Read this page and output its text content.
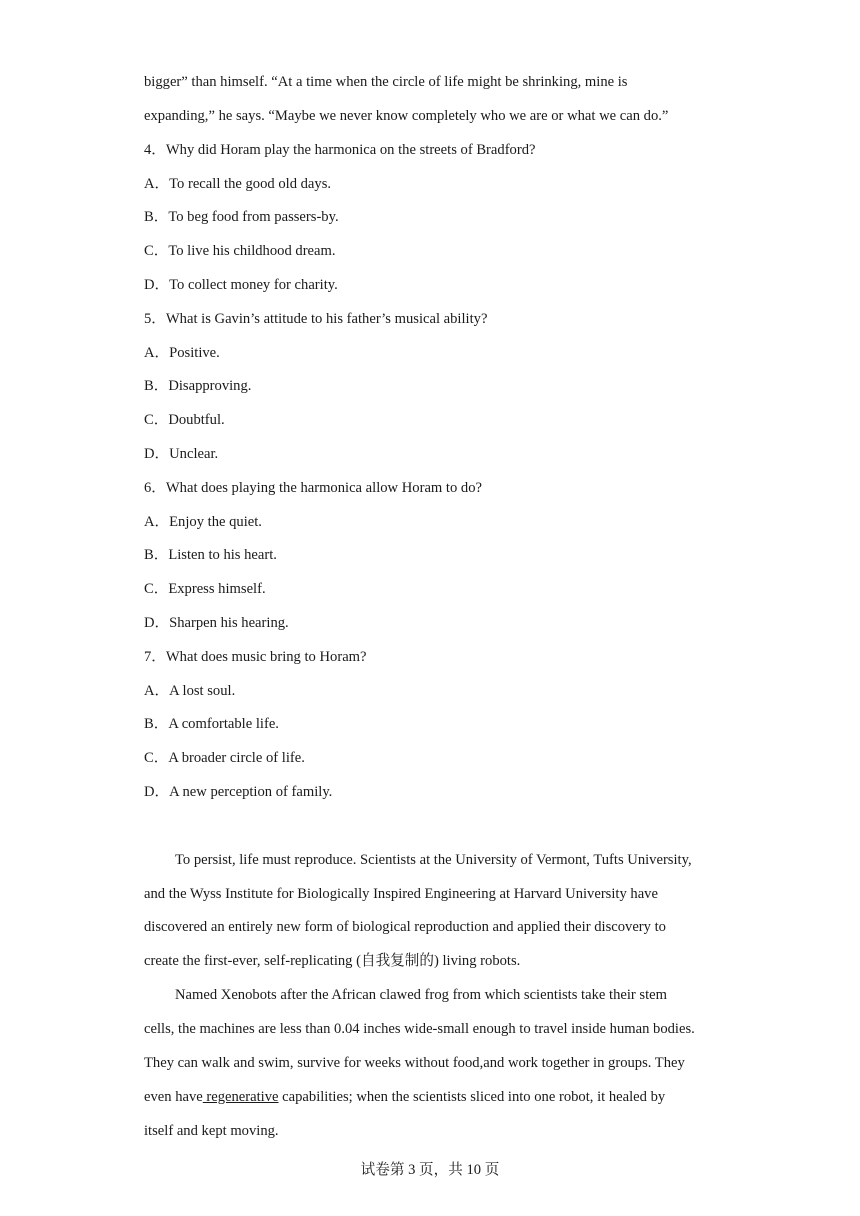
bigger” than himself. “At a time when the circle of life might be shrinking, mine is
expanding,” he says. “Maybe we never know completely who we are or what we can do.”
4．Why did Horam play the harmonica on the streets of Bradford?
A．To recall the good old days.
B．To beg food from passers-by.
C．To live his childhood dream.
D．To collect money for charity.
5．What is Gavin’s attitude to his father’s musical ability?
A．Positive.
B．Disapproving.
C．Doubtful.
D．Unclear.
6．What does playing the harmonica allow Horam to do?
A．Enjoy the quiet.
B．Listen to his heart.
C．Express himself.
D．Sharpen his hearing.
7．What does music bring to Horam?
A．A lost soul.
B．A comfortable life.
C．A broader circle of life.
D．A new perception of family.
To persist, life must reproduce. Scientists at the University of Vermont, Tufts University,
and the Wyss Institute for Biologically Inspired Engineering at Harvard University have
discovered an entirely new form of biological reproduction and applied their discovery to
create the first-ever, self-replicating (自我复制的) living robots.
Named Xenobots after the African clawed frog from which scientists take their stem
cells, the machines are less than 0.04 inches wide-small enough to travel inside human bodies.
They can walk and swim, survive for weeks without food,and work together in groups. They
even have regenerative capabilities; when the scientists sliced into one robot, it healed by
itself and kept moving.
试卷第 3 页，共 10 页
